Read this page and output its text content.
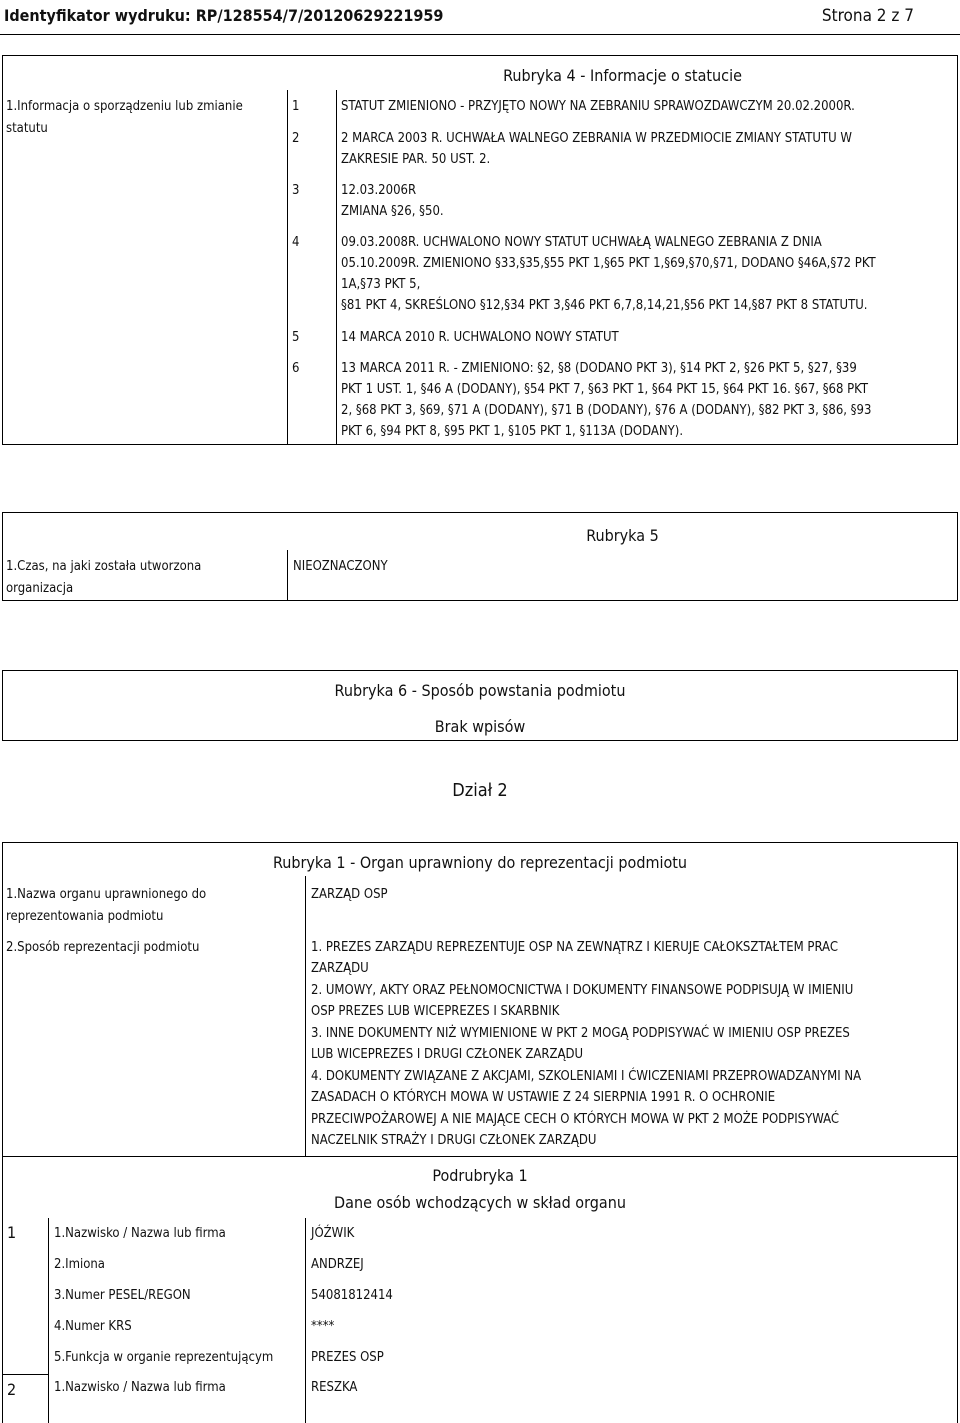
Identyfikator wydruku: RP/128554/7/20120629221959	Strona 2 z 7
Rubryka 4 - Informacje o statucie
1.Informacja o sporządzeniu lub zmianie statutu
1	STATUT ZMIENIONO - PRZYJĘTO NOWY NA ZEBRANIU SPRAWOZDAWCZYM 20.02.2000R.
2	2 MARCA 2003 R. UCHWAŁA WALNEGO ZEBRANIA W PRZEDMIOCIE ZMIANY STATUTU W
ZAKRESIE PAR. 50 UST. 2.
3	12.03.2006R
ZMIANA §26, §50.
4	09.03.2008R. UCHWALONO NOWY STATUT UCHWAŁĄ WALNEGO ZEBRANIA Z DNIA
05.10.2009R. ZMIENIONO §33,§35,§55 PKT 1,§65 PKT 1,§69,§70,§71, DODANO §46A,§72 PKT
1A,§73 PKT 5,
§81 PKT 4, SKREŚLONO §12,§34 PKT 3,§46 PKT 6,7,8,14,21,§56 PKT 14,§87 PKT 8 STATUTU.
5	14 MARCA 2010 R. UCHWALONO NOWY STATUT
6	13 MARCA 2011 R. - ZMIENIONO: §2, §8 (DODANO PKT 3), §14 PKT 2, §26 PKT 5, §27, §39
PKT 1 UST. 1, §46 A (DODANY), §54 PKT 7, §63 PKT 1, §64 PKT 15, §64 PKT 16. §67, §68 PKT
2, §68 PKT 3, §69, §71 A (DODANY), §71 B (DODANY), §76 A (DODANY), §82 PKT 3, §86, §93
PKT 6, §94 PKT 8, §95 PKT 1, §105 PKT 1, §113A (DODANY).
Rubryka 5
1.Czas, na jaki została utworzona organizacja
NIEOZNACZONY
Rubryka 6 - Sposób powstania podmiotu
Brak wpisów
Dział 2
Rubryka 1 - Organ uprawniony do reprezentacji podmiotu
1.Nazwa organu uprawnionego do reprezentowania podmiotu
ZARZĄD OSP
2.Sposób reprezentacji podmiotu	1. PREZES ZARZĄDU REPREZENTUJE OSP NA ZEWNĄTRZ I KIERUJE CAŁOKSZTAŁTEM PRAC
ZARZĄDU
2. UMOWY, AKTY ORAZ PEŁNOMOCNICTWA I DOKUMENTY FINANSOWE PODPISUJĄ W IMIENIU
OSP PREZES LUB WICEPREZES I SKARBNIK
3. INNE DOKUMENTY NIŻ WYMIENIONE W PKT 2 MOGĄ PODPISYWAĆ W IMIENIU OSP PREZES
LUB WICEPREZES I DRUGI CZŁONEK ZARZĄDU
4. DOKUMENTY ZWIĄZANE Z AKCJAMI, SZKOLENIAMI I ĆWICZENIAMI PRZEPROWADZANYMI NA
ZASADACH O KTÓRYCH MOWA W USTAWIE Z 24 SIERPNIA 1991 R. O OCHRONIE
PRZECIWPOŻAROWEJ A NIE MAJĄCE CECH O KTÓRYCH MOWA W PKT 2 MOŻE PODPISYWAĆ
NACZELNIK STRAŻY I DRUGI CZŁONEK ZARZĄDU
Podrubryka 1
Dane osób wchodzących w skład organu
1	1.Nazwisko / Nazwa lub firma	JÓŹWIK
2.Imiona	ANDRZEJ
3.Numer PESEL/REGON	54081812414
4.Numer KRS	****
5.Funkcja w organie reprezentującym	PREZES OSP
2	1.Nazwisko / Nazwa lub firma	RESZKA
